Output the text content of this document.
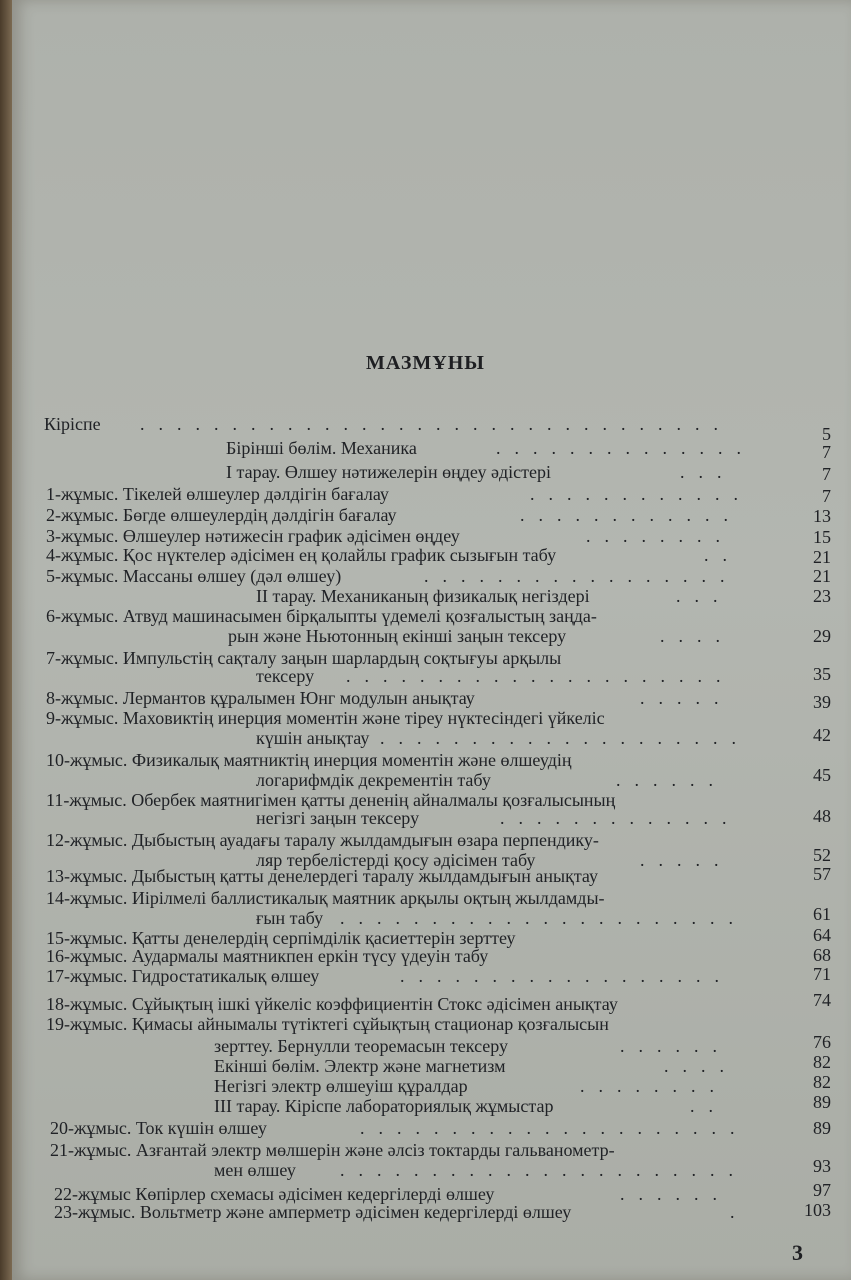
МАЗМҰНЫ
Кіріспе ................................	5
Бірінші бөлім. Механика	..............	7
I тарау. Өлшеу нәтижелерін өңдеу әдістері	...	7
1-жұмыс. Тікелей өлшеулер дәлдігін бағалау	............	7
2-жұмыс. Бөгде өлшеулердің дәлдігін бағалау	............	13
3-жұмыс. Өлшеулер нәтижесін график әдісімен өңдеу	........	15
4-жұмыс. Қос нүктелер әдісімен ең қолайлы график сызығын табу	..	21
5-жұмыс. Массаны өлшеу (дәл өлшеу)	.................	21
II тарау. Механиканың физикалық негіздері	...	23
6-жұмыс. Атвуд машинасымен бірқалыпты үдемелі қозғалыстың заңда-
рын және Ньютонның екінші заңын тексеру	....	29
7-жұмыс. Импульстің сақталу заңын шарлардың соқтығуы арқылы
тексеру .....................	35
8-жұмыс. Лермантов құралымен Юнг модулын анықтау	.....	39
9-жұмыс. Маховиктің инерция моментін және тіреу нүктесіндегі үйкеліс
күшін анықтау ....................	42
10-жұмыс. Физикалық маятниктің инерция моментін және өлшеудің
логарифмдік декрементін табу	......	45
11-жұмыс. Обербек маятнигімен қатты дененің айналмалы қозғалысының
негізгі заңын тексеру	.............	48
12-жұмыс. Дыбыстың ауадағы таралу жылдамдығын өзара перпендику-
ляр тербелістерді қосу әдісімен табу	.....	52
13-жұмыс. Дыбыстың қатты денелердегі таралу жылдамдығын анықтау	57
14-жұмыс. Иірілмелі баллистикалық маятник арқылы оқтың жылдамды-
ғын табу ......................	61
15-жұмыс. Қатты денелердің серпімділік қасиеттерін зерттеу	64
16-жұмыс. Аудармалы маятникпен еркін түсу үдеуін табу	68
17-жұмыс. Гидростатикалық өлшеу	..................	71
18-жұмыс. Сұйықтың ішкі үйкеліс коэффициентін Стокс әдісімен анықтау	74
19-жұмыс. Қимасы айнымалы түтіктегі сұйықтың стационар қозғалысын
зерттеу. Бернулли теоремасын тексеру	......	76
Екінші бөлім. Электр және магнетизм	....	82
Негізгі электр өлшеуіш құралдар	........	82
III тарау. Кіріспе лабораториялық жұмыстар	..	89
20-жұмыс. Ток күшін өлшеу	.....................	89
21-жұмыс. Азғантай электр мөлшерін және әлсіз токтарды гальванометр-
мен өлшеу ......................	93
22-жұмыс Көпірлер схемасы әдісімен кедергілерді өлшеу	......	97
23-жұмыс. Вольтметр және амперметр әдісімен кедергілерді өлшеу	.	103
3
